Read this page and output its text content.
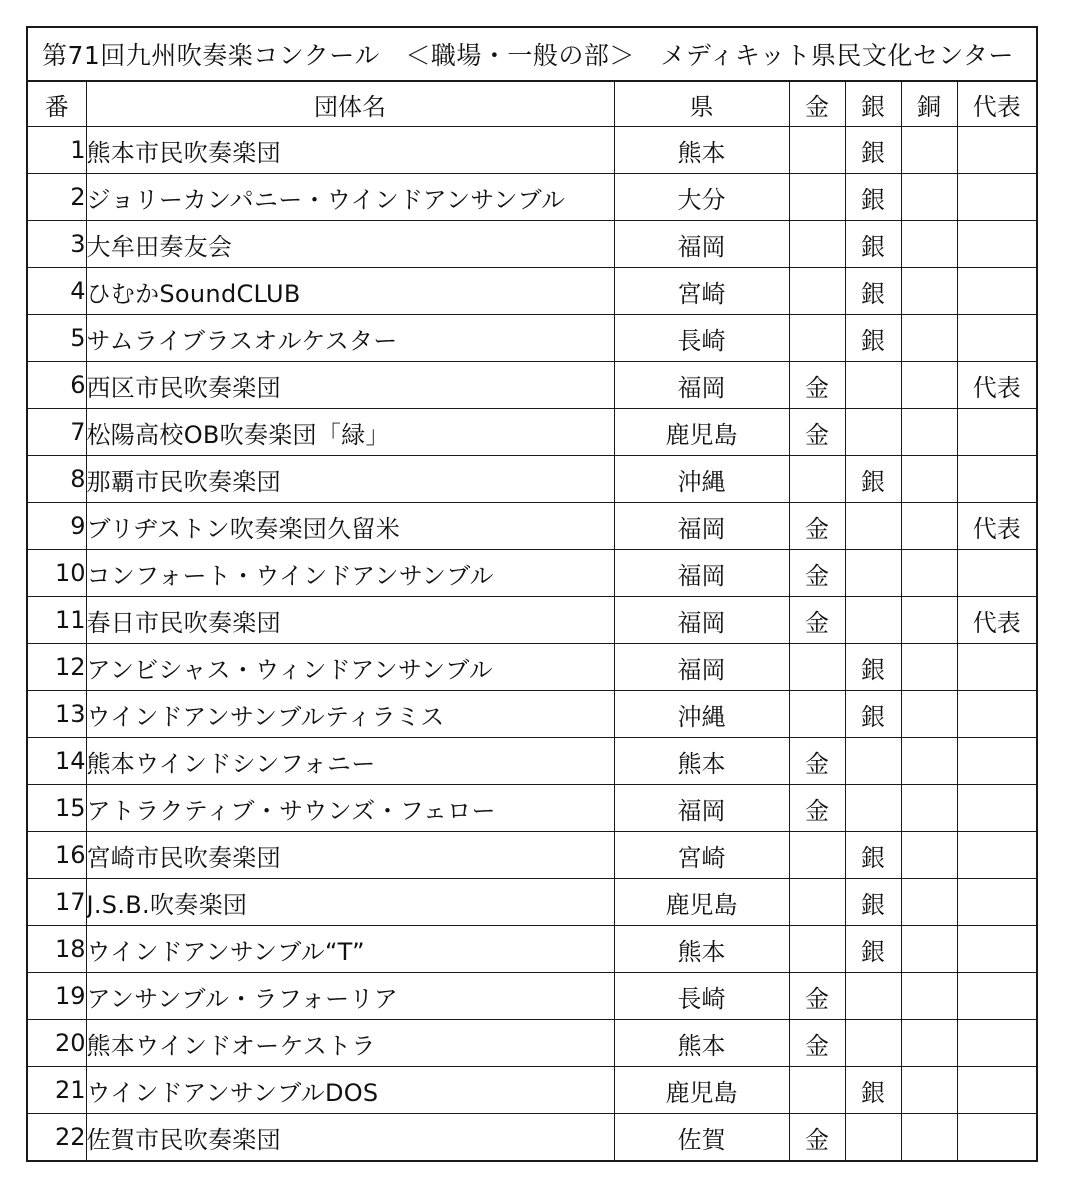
第71回九州吹奏楽コンクール　＜職場・一般の部＞　メディキット県民文化センター
番	団体名	県	金	銀	銅	代表
1	熊本市民吹奏楽団	熊本		銀		
2	ジョリーカンパニー・ウインドアンサンブル	大分		銀		
3	大牟田奏友会	福岡		銀		
4	ひむかSoundCLUB	宮崎		銀		
5	サムライブラスオルケスター	長崎		銀		
6	西区市民吹奏楽団	福岡	金			代表
7	松陽高校OB吹奏楽団「緑」	鹿児島	金			
8	那覇市民吹奏楽団	沖縄		銀		
9	ブリヂストン吹奏楽団久留米	福岡	金			代表
10	コンフォート・ウインドアンサンブル	福岡	金			
11	春日市民吹奏楽団	福岡	金			代表
12	アンビシャス・ウィンドアンサンブル	福岡		銀		
13	ウインドアンサンブルティラミス	沖縄		銀		
14	熊本ウインドシンフォニー	熊本	金			
15	アトラクティブ・サウンズ・フェロー	福岡	金			
16	宮崎市民吹奏楽団	宮崎		銀		
17	J.S.B.吹奏楽団	鹿児島		銀		
18	ウインドアンサンブル“T”	熊本		銀		
19	アンサンブル・ラフォーリア	長崎	金			
20	熊本ウインドオーケストラ	熊本	金			
21	ウインドアンサンブルDOS	鹿児島		銀		
22	佐賀市民吹奏楽団	佐賀	金			
